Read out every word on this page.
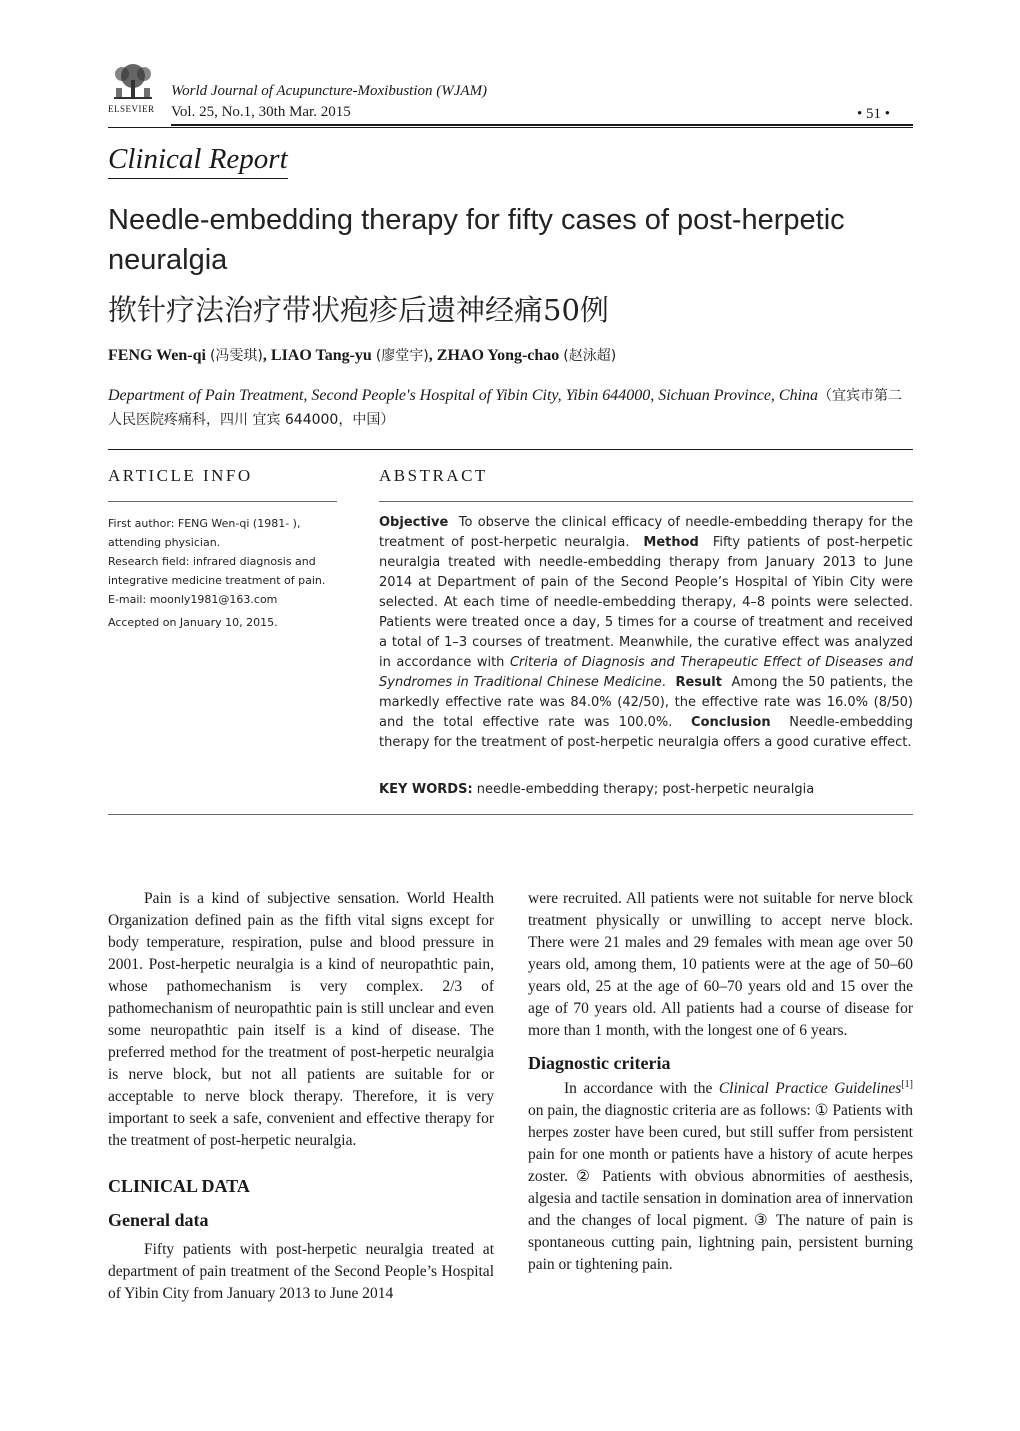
ELSEVIER
World Journal of Acupuncture-Moxibustion (WJAM)
Vol. 25, No.1, 30th Mar. 2015	• 51 •
Clinical Report
Needle-embedding therapy for fifty cases of post-herpetic neuralgia
揿针疗法治疗带状疱疹后遗神经痛50例
FENG Wen-qi (冯雯琪), LIAO Tang-yu (廖堂宇), ZHAO Yong-chao (赵泳超)
Department of Pain Treatment, Second People's Hospital of Yibin City, Yibin 644000, Sichuan Province, China（宜宾市第二人民医院疼痛科，四川 宜宾 644000，中国）
ARTICLE INFO	ABSTRACT

First author: FENG Wen-qi (1981- ), attending physician.

Research field: infrared diagnosis and integrative medicine treatment of pain.

E-mail: moonly1981@163.com

Accepted on January 10, 2015.

Objective To observe the clinical efficacy of needle-embedding therapy for the treatment of post-herpetic neuralgia. Method Fifty patients of post-herpetic neuralgia treated with needle-embedding therapy from January 2013 to June 2014 at Department of pain of the Second People’s Hospital of Yibin City were selected. At each time of needle-embedding therapy, 4–8 points were selected. Patients were treated once a day, 5 times for a course of treatment and received a total of 1–3 courses of treatment. Meanwhile, the curative effect was analyzed in accordance with Criteria of Diagnosis and Therapeutic Effect of Diseases and Syndromes in Traditional Chinese Medicine. Result Among the 50 patients, the markedly effective rate was 84.0% (42/50), the effective rate was 16.0% (8/50) and the total effective rate was 100.0%. Conclusion Needle-embedding therapy for the treatment of post-herpetic neuralgia offers a good curative effect.
KEY WORDS: needle-embedding therapy; post-herpetic neuralgia

Pain is a kind of subjective sensation. World Health Organization defined pain as the fifth vital signs except for body temperature, respiration, pulse and blood pressure in 2001. Post-herpetic neuralgia is a kind of neuropathtic pain, whose pathomechanism is very complex. 2/3 of pathomechanism of neuropathtic pain is still unclear and even some neuropathtic pain itself is a kind of disease. The preferred method for the treatment of post-herpetic neuralgia is nerve block, but not all patients are suitable for or acceptable to nerve block therapy. Therefore, it is very important to seek a safe, convenient and effective therapy for the treatment of post-herpetic neuralgia.

CLINICAL DATA
General data

Fifty patients with post-herpetic neuralgia treated at department of pain treatment of the Second People’s Hospital of Yibin City from January 2013 to June 2014

were recruited. All patients were not suitable for nerve block treatment physically or unwilling to accept nerve block. There were 21 males and 29 females with mean age over 50 years old, among them, 10 patients were at the age of 50–60 years old, 25 at the age of 60–70 years old and 15 over the age of 70 years old. All patients had a course of disease for more than 1 month, with the longest one of 6 years.

Diagnostic criteria

In accordance with the Clinical Practice Guidelines[1] on pain, the diagnostic criteria are as follows: ① Patients with herpes zoster have been cured, but still suffer from persistent pain for one month or patients have a history of acute herpes zoster. ② Patients with obvious abnormities of aesthesis, algesia and tactile sensation in domination area of innervation and the changes of local pigment. ③ The nature of pain is spontaneous cutting pain, lightning pain, persistent burning pain or tightening pain.
